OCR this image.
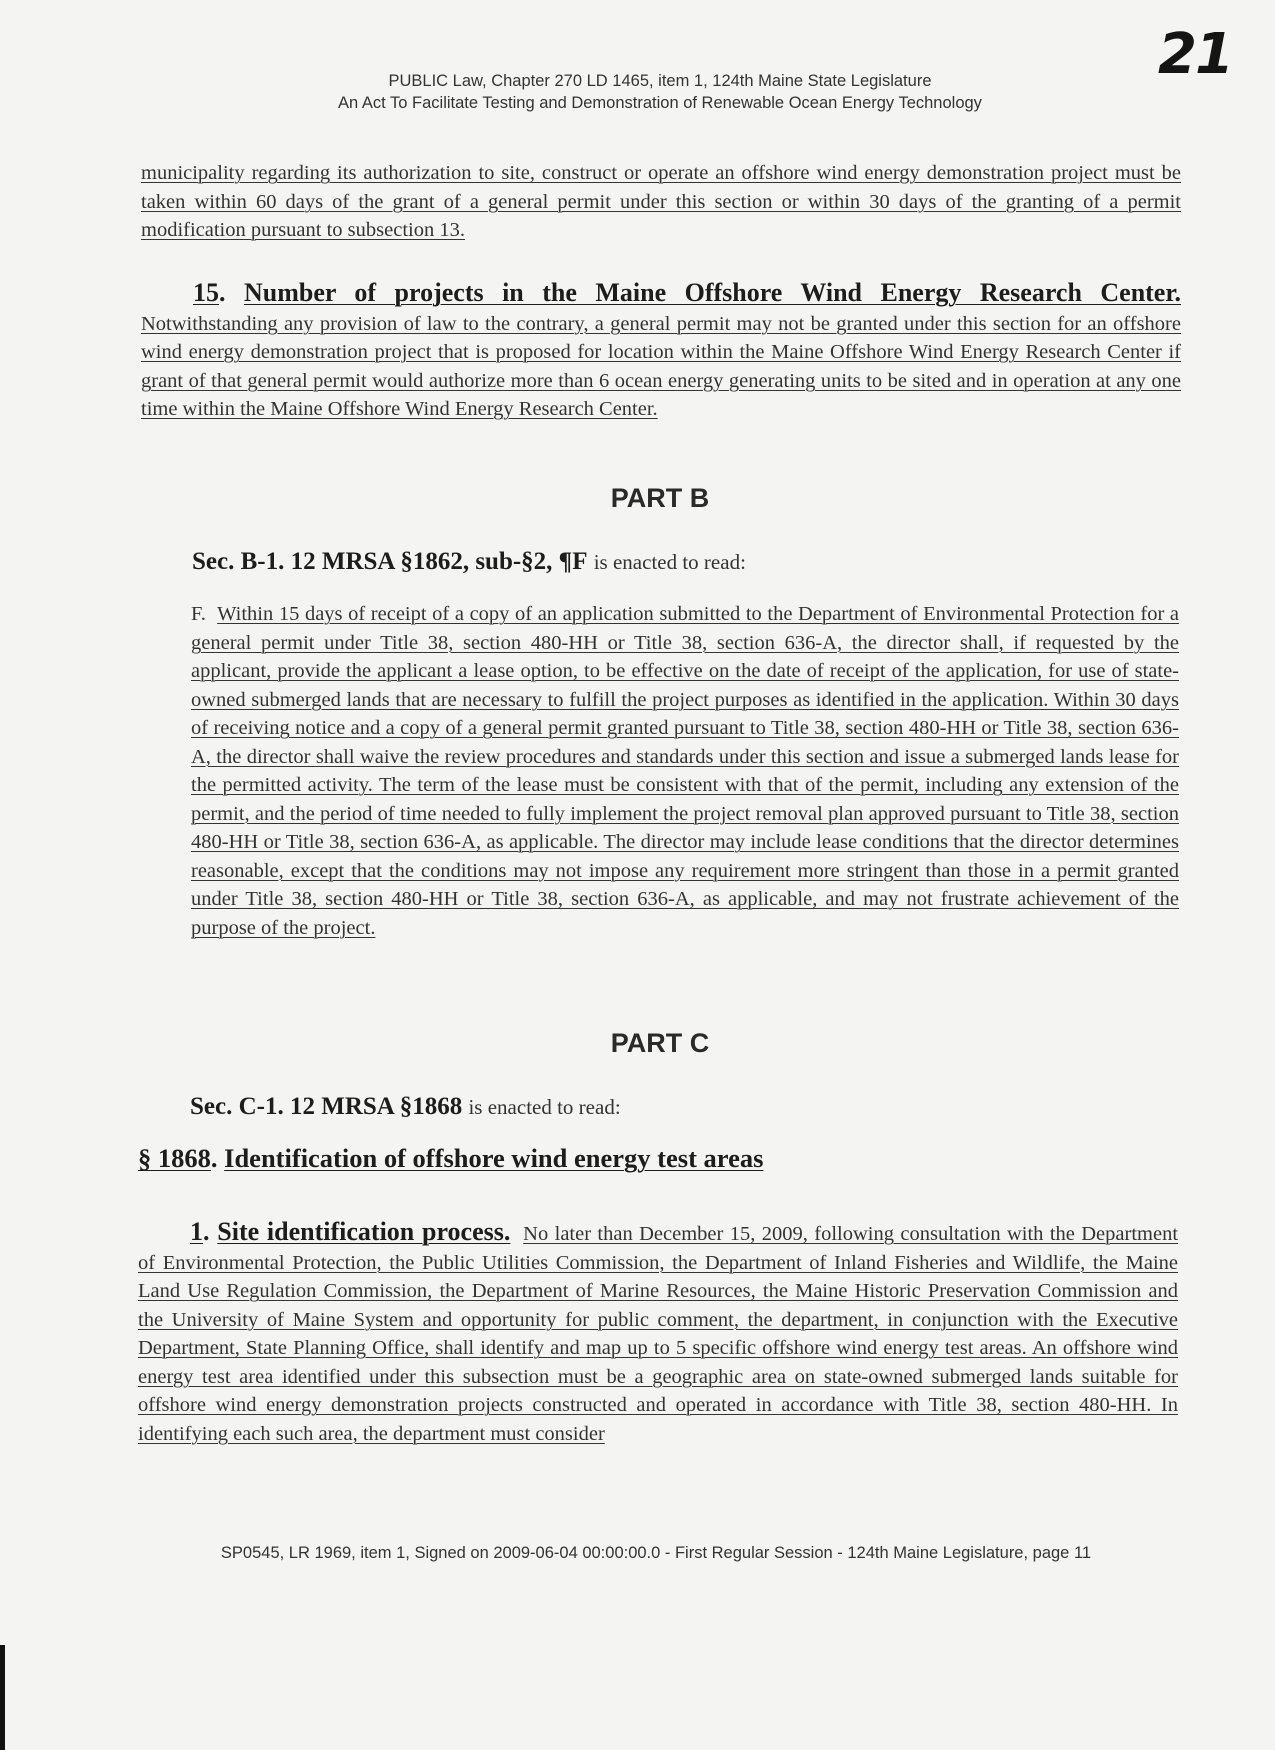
21
PUBLIC Law, Chapter 270 LD 1465, item 1, 124th Maine State Legislature
An Act To Facilitate Testing and Demonstration of Renewable Ocean Energy Technology
municipality regarding its authorization to site, construct or operate an offshore wind energy demonstration project must be taken within 60 days of the grant of a general permit under this section or within 30 days of the granting of a permit modification pursuant to subsection 13.
15. Number of projects in the Maine Offshore Wind Energy Research Center. Notwithstanding any provision of law to the contrary, a general permit may not be granted under this section for an offshore wind energy demonstration project that is proposed for location within the Maine Offshore Wind Energy Research Center if grant of that general permit would authorize more than 6 ocean energy generating units to be sited and in operation at any one time within the Maine Offshore Wind Energy Research Center.
PART B
Sec. B-1. 12 MRSA §1862, sub-§2, ¶F is enacted to read:
F. Within 15 days of receipt of a copy of an application submitted to the Department of Environmental Protection for a general permit under Title 38, section 480-HH or Title 38, section 636-A, the director shall, if requested by the applicant, provide the applicant a lease option, to be effective on the date of receipt of the application, for use of state-owned submerged lands that are necessary to fulfill the project purposes as identified in the application. Within 30 days of receiving notice and a copy of a general permit granted pursuant to Title 38, section 480-HH or Title 38, section 636-A, the director shall waive the review procedures and standards under this section and issue a submerged lands lease for the permitted activity. The term of the lease must be consistent with that of the permit, including any extension of the permit, and the period of time needed to fully implement the project removal plan approved pursuant to Title 38, section 480-HH or Title 38, section 636-A, as applicable. The director may include lease conditions that the director determines reasonable, except that the conditions may not impose any requirement more stringent than those in a permit granted under Title 38, section 480-HH or Title 38, section 636-A, as applicable, and may not frustrate achievement of the purpose of the project.
PART C
Sec. C-1. 12 MRSA §1868 is enacted to read:
§ 1868. Identification of offshore wind energy test areas
1. Site identification process. No later than December 15, 2009, following consultation with the Department of Environmental Protection, the Public Utilities Commission, the Department of Inland Fisheries and Wildlife, the Maine Land Use Regulation Commission, the Department of Marine Resources, the Maine Historic Preservation Commission and the University of Maine System and opportunity for public comment, the department, in conjunction with the Executive Department, State Planning Office, shall identify and map up to 5 specific offshore wind energy test areas. An offshore wind energy test area identified under this subsection must be a geographic area on state-owned submerged lands suitable for offshore wind energy demonstration projects constructed and operated in accordance with Title 38, section 480-HH. In identifying each such area, the department must consider
SP0545, LR 1969, item 1, Signed on 2009-06-04 00:00:00.0 - First Regular Session - 124th Maine Legislature, page 11
